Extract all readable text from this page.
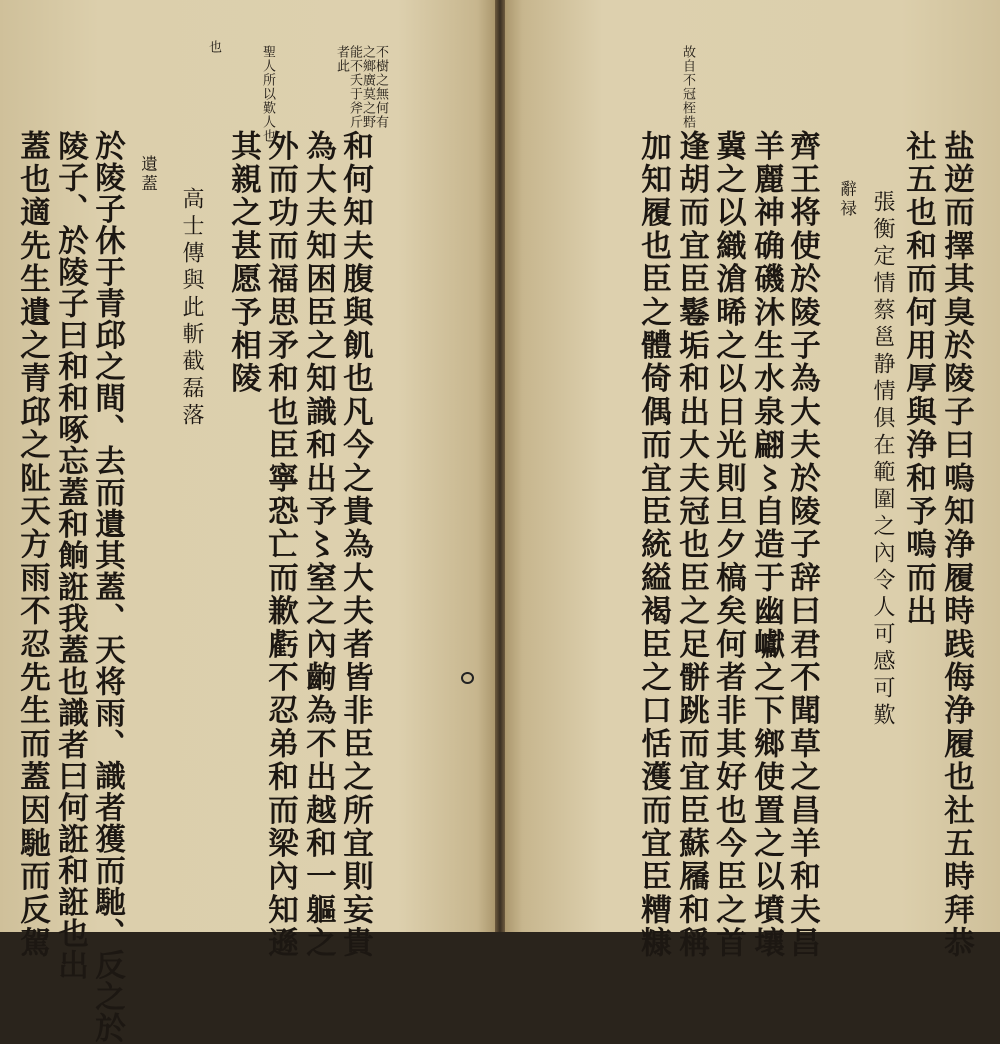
盐逆而擇其臭於陵子曰嗚知浄履時践侮浄履也社五時拜恭
社五也和而何用厚與浄和予嗚而出
張衡定情蔡邕静情俱在範圍之內令人可感可歎
辭禄
齊王将使於陵子為大夫於陵子辞曰君不聞草之昌羊和夫昌
羊麗神确磯沐生水泉翩〻自造于幽巘之下鄉使置之以墳壤
冀之以織滄晞之以日光則旦夕槁矣何者非其好也今臣之首
逢胡而宜臣鬈垢和出大夫冠也臣之足骿跳而宜臣蘇屩和稱
加知履也臣之體倚偶而宜臣統縊褐臣之口恬濩而宜臣糟糠
故自不冠桎梏
不樹之無何有之鄉廣莫之野能不夭于斧斤者此
聖人所以歎人也
也
和何知夫腹與飢也凡今之貴為大夫者皆非臣之所宜則妄貴
為大夫知困臣之知識和出予〻窒之內齣為不出越和一軀之
外而功而福思矛和也臣寧恐亡而歉虧不忍弟和而梁內知遜
其親之甚愿予相陵
高士傳與此斬截磊落
遺蓋
於陵子休于青邱之間、去而遺其蓋、天将雨、識者獲而馳、反之於
陵子、於陵子曰和和啄忘蓋和餉誑我蓋也識者曰何誑和誑也出
蓋也適先生遺之青邱之阯天方雨不忍先生而蓋因馳而反駕
